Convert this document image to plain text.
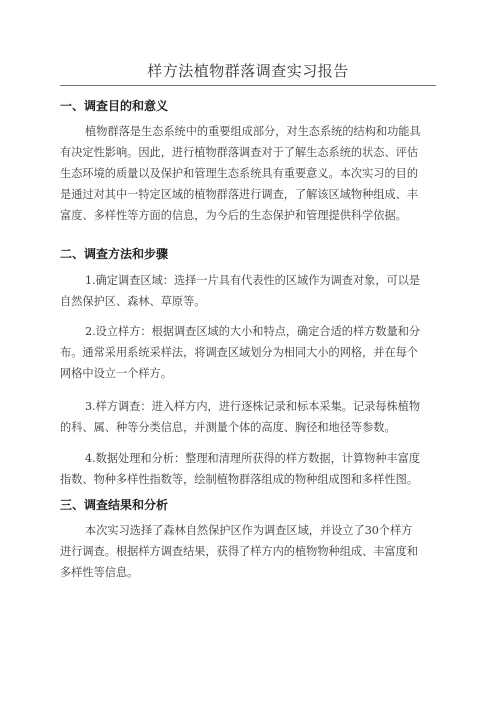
样方法植物群落调查实习报告
一、调查目的和意义
植物群落是生态系统中的重要组成部分，对生态系统的结构和功能具
有决定性影响。因此，进行植物群落调查对于了解生态系统的状态、评估
生态环境的质量以及保护和管理生态系统具有重要意义。本次实习的目的
是通过对其中一特定区域的植物群落进行调查，了解该区域物种组成、丰
富度、多样性等方面的信息，为今后的生态保护和管理提供科学依据。
二、调查方法和步骤
1.确定调查区域：选择一片具有代表性的区域作为调查对象，可以是
自然保护区、森林、草原等。
2.设立样方：根据调查区域的大小和特点，确定合适的样方数量和分
布。通常采用系统采样法，将调查区域划分为相同大小的网格，并在每个
网格中设立一个样方。
3.样方调查：进入样方内，进行逐株记录和标本采集。记录每株植物
的科、属、种等分类信息，并测量个体的高度、胸径和地径等参数。
4.数据处理和分析：整理和清理所获得的样方数据，计算物种丰富度
指数、物种多样性指数等，绘制植物群落组成的物种组成图和多样性图。
三、调查结果和分析
本次实习选择了森林自然保护区作为调查区域，并设立了30个样方
进行调查。根据样方调查结果，获得了样方内的植物物种组成、丰富度和
多样性等信息。
